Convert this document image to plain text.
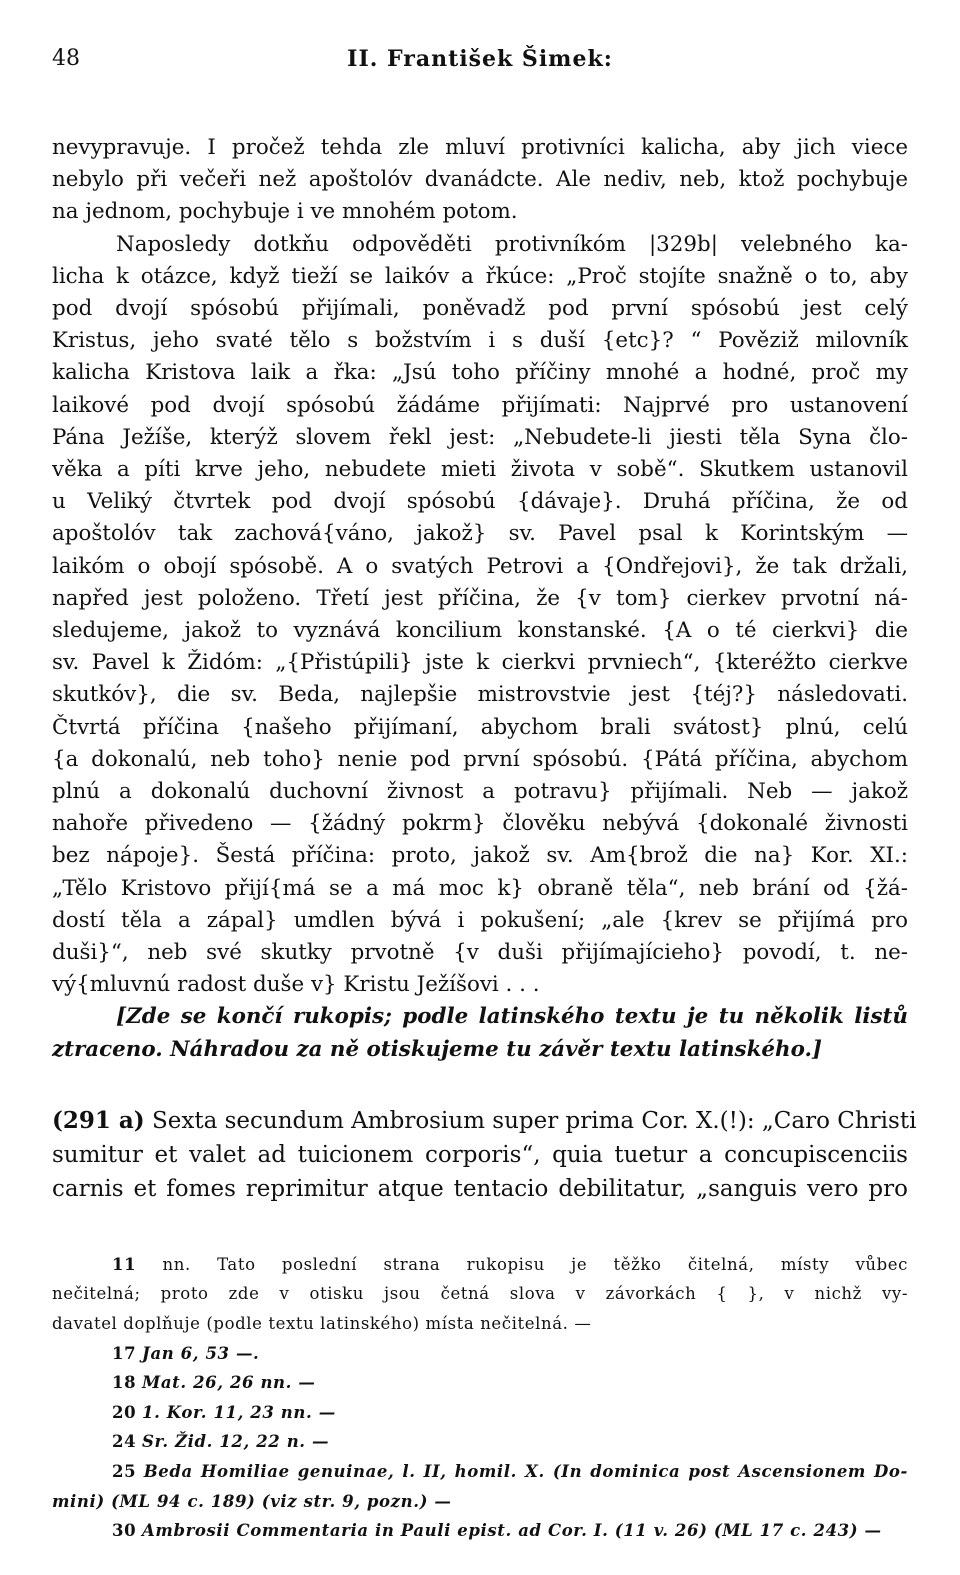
48	II. František Šimek:
nevypravuje. I pročež tehda zle mluví protivníci kalicha, aby jich viece
nebylo při večeři než apoštolóv dvanádcte. Ale nediv, neb, ktož pochybuje
na jednom, pochybuje i ve mnohém potom.
Naposledy dotkňu odpověděti protivníkóm |329b| velebného ka-
licha k otázce, když tieží se laikóv a řkúce: „Proč stojíte snažně o to, aby
pod dvojí spósobú přijímali, poněvadž pod první spósobú jest celý
Kristus, jeho svaté tělo s božstvím i s duší {etc}? “ Pověziž milovník
kalicha Kristova laik a řka: „Jsú toho příčiny mnohé a hodné, proč my
laikové pod dvojí spósobú žádáme přijímati: Najprvé pro ustanovení
Pána Ježíše, kterýž slovem řekl jest: „Nebudete-li jiesti těla Syna člo-
věka a píti krve jeho, nebudete mieti života v sobě“. Skutkem ustanovil
u Veliký čtvrtek pod dvojí spósobú {dávaje}. Druhá příčina, že od
apoštolóv tak zachová{váno, jakož} sv. Pavel psal k Korintským —
laikóm o obojí spósobě. A o svatých Petrovi a {Ondřejovi}, že tak držali,
napřed jest položeno. Třetí jest příčina, že {v tom} cierkev prvotní ná-
sledujeme, jakož to vyznává koncilium konstanské. {A o té cierkvi} die
sv. Pavel k Židóm: „{Přistúpili} jste k cierkvi prvniech“, {kteréžto cierkve
skutkóv}, die sv. Beda, najlepšie mistrovstvie jest {téj?} následovati.
Čtvrtá příčina {našeho přijímaní, abychom brali svátost} plnú, celú
{a dokonalú, neb toho} nenie pod první spósobú. {Pátá příčina, abychom
plnú a dokonalú duchovní živnost a potravu} přijímali. Neb — jakož
nahoře přivedeno — {žádný pokrm} člověku nebývá {dokonalé živnosti
bez nápoje}. Šestá příčina: proto, jakož sv. Am{brož die na} Kor. XI.:
„Tělo Kristovo přijí{má se a má moc k} obraně těla“, neb brání od {žá-
dostí těla a zápal} umdlen bývá i pokušení; „ale {krev se přijímá pro
duši}“, neb své skutky prvotně {v duši přijímajícieho} povodí, t. ne-
vý{mluvnú radost duše v} Kristu Ježíšovi . . .
[Zde se končí rukopis; podle latinského textu je tu několik listů
ztraceno. Náhradou za ně otiskujeme tu závěr textu latinského.]
(291 a) Sexta secundum Ambrosium super prima Cor. X.(!): „Caro Christi
sumitur et valet ad tuicionem corporis“, quia tuetur a concupiscenciis
carnis et fomes reprimitur atque tentacio debilitatur, „sanguis vero pro
11 nn. Tato poslední strana rukopisu je těžko čitelná, místy vůbec
nečitelná; proto zde v otisku jsou četná slova v závorkách { }, v nichž vy-
davatel doplňuje (podle textu latinského) místa nečitelná. —
17 Jan 6, 53 —.
18 Mat. 26, 26 nn. —
20 1. Kor. 11, 23 nn. —
24 Sr. Žid. 12, 22 n. —
25 Beda Homiliae genuinae, l. II, homil. X. (In dominica post Ascensionem Do-
mini) (ML 94 c. 189) (viz str. 9, pozn.) —
30 Ambrosii Commentaria in Pauli epist. ad Cor. I. (11 v. 26) (ML 17 c. 243) —
